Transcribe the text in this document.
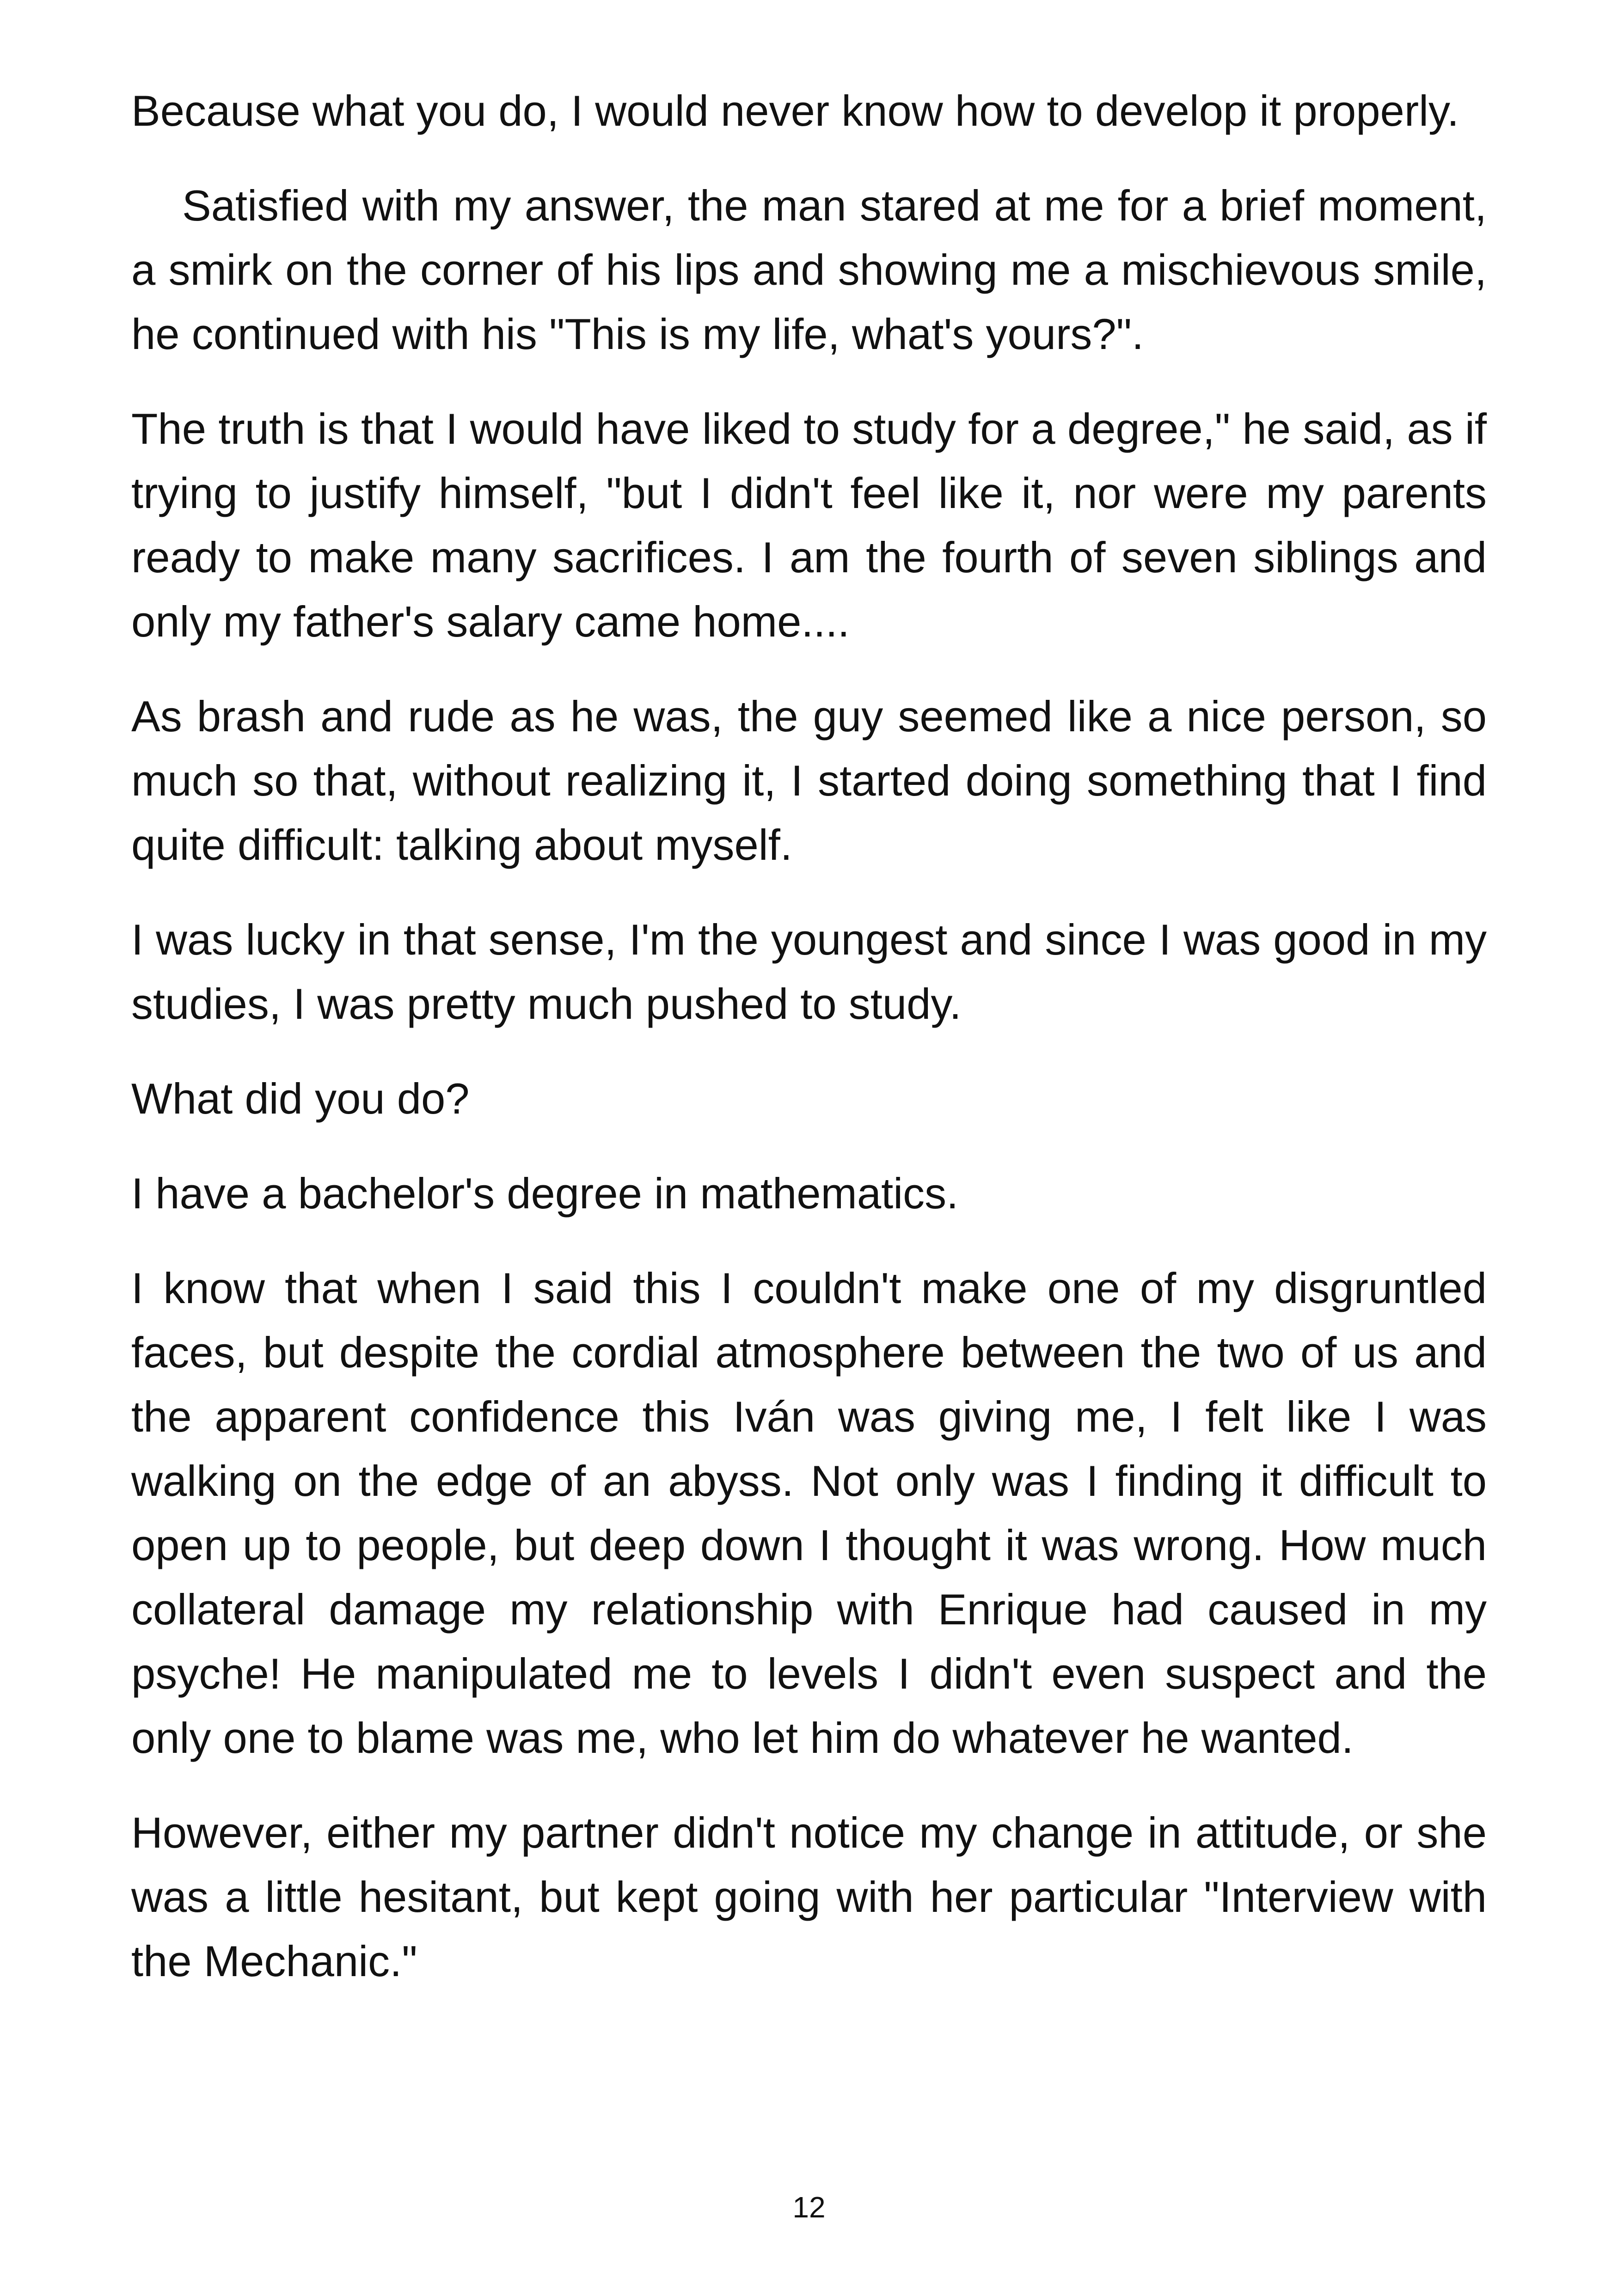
Because what you do, I would never know how to develop it properly.

Satisfied with my answer, the man stared at me for a brief moment, a smirk on the corner of his lips and showing me a mischievous smile, he continued with his "This is my life, what's yours?".

The truth is that I would have liked to study for a degree," he said, as if trying to justify himself, "but I didn't feel like it, nor were my parents ready to make many sacrifices. I am the fourth of seven siblings and only my father's salary came home....

As brash and rude as he was, the guy seemed like a nice person, so much so that, without realizing it, I started doing something that I find quite difficult: talking about myself.

I was lucky in that sense, I'm the youngest and since I was good in my studies, I was pretty much pushed to study.

What did you do?

I have a bachelor's degree in mathematics.

I know that when I said this I couldn't make one of my disgruntled faces, but despite the cordial atmosphere between the two of us and the apparent confidence this Iván was giving me, I felt like I was walking on the edge of an abyss. Not only was I finding it difficult to open up to people, but deep down I thought it was wrong. How much collateral damage my relationship with Enrique had caused in my psyche! He manipulated me to levels I didn't even suspect and the only one to blame was me, who let him do whatever he wanted.

However, either my partner didn't notice my change in attitude, or she was a little hesitant, but kept going with her particular "Interview with the Mechanic."

12
